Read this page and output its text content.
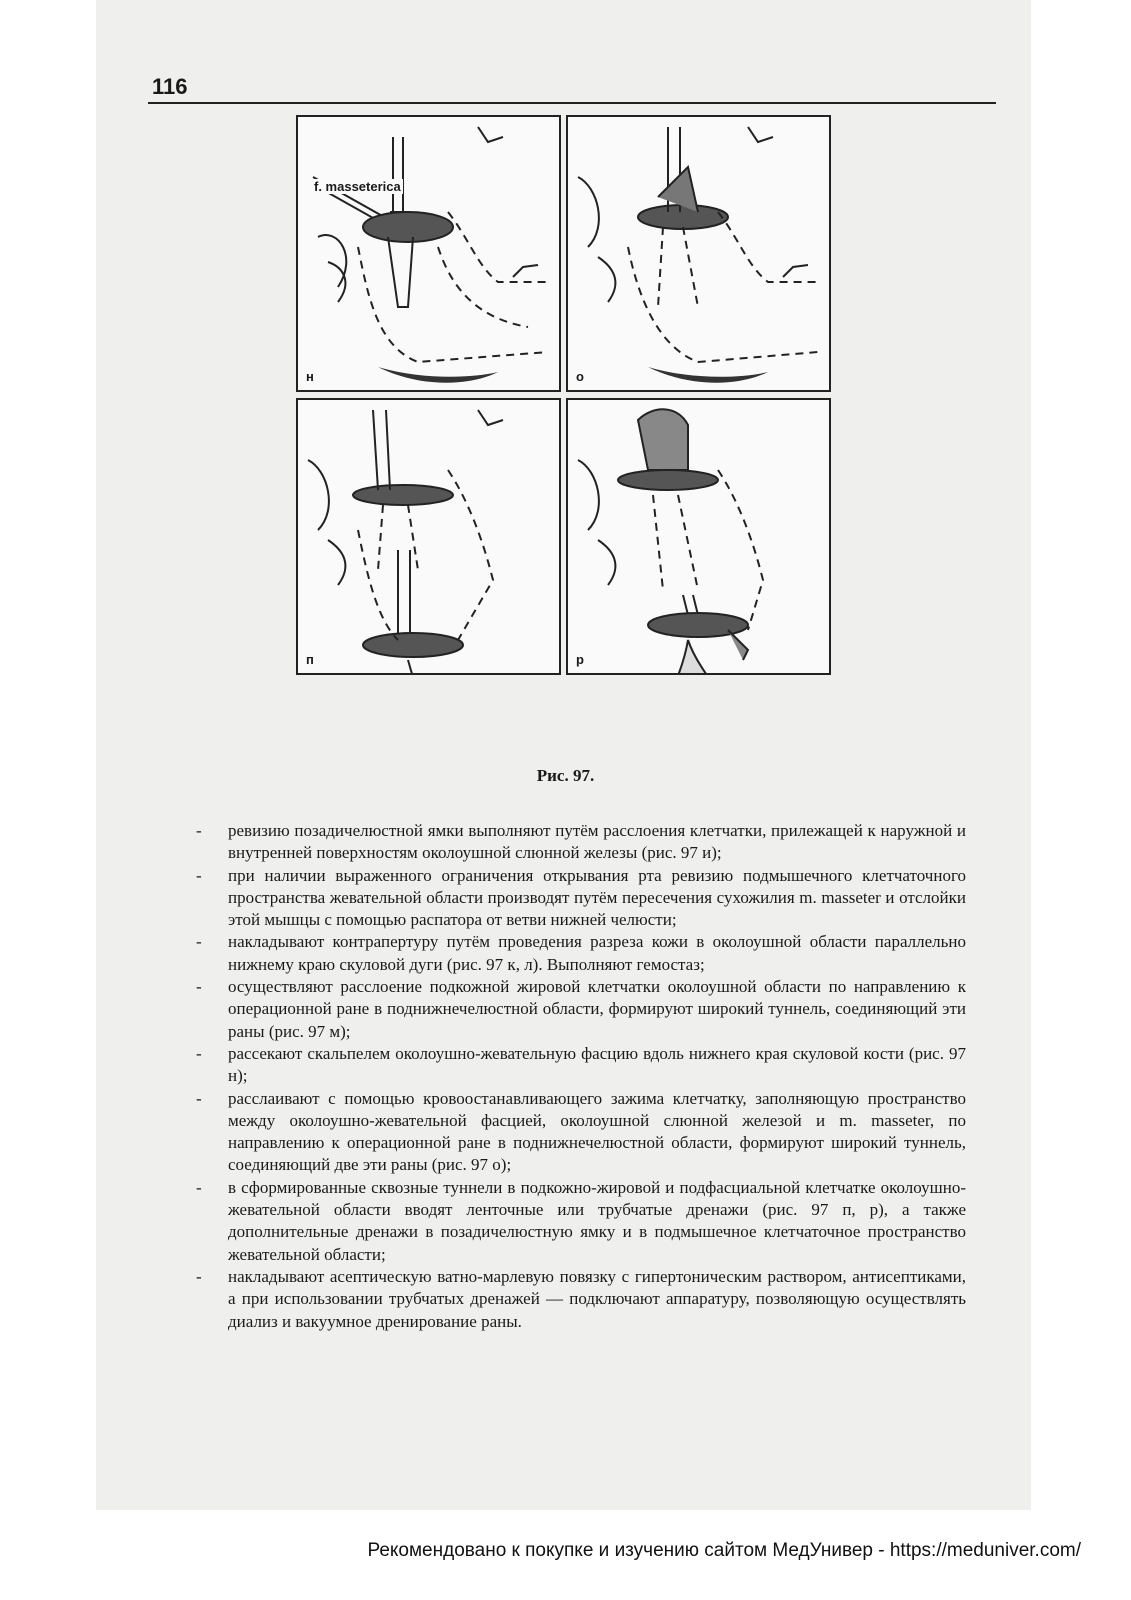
116
f. masseterica
н	о
п	р
Рис. 97.
- ревизию позадичелюстной ямки выполняют путём расслоения клетчатки, прилежащей к наружной и внутренней поверхностям околоушной слюнной железы (рис. 97 и);
- при наличии выраженного ограничения открывания рта ревизию подмышечного клетчаточного пространства жевательной области производят путём пересечения сухожилия m. masseter и отслойки этой мышцы с помощью распатора от ветви нижней челюсти;
- накладывают контрапертуру путём проведения разреза кожи в околоушной области параллельно нижнему краю скуловой дуги (рис. 97 к, л). Выполняют гемостаз;
- осуществляют расслоение подкожной жировой клетчатки околоушной области по направлению к операционной ране в поднижнечелюстной области, формируют широкий туннель, соединяющий эти раны (рис. 97 м);
- рассекают скальпелем околоушно-жевательную фасцию вдоль нижнего края скуловой кости (рис. 97 н);
- расслаивают с помощью кровоостанавливающего зажима клетчатку, заполняющую пространство между околоушно-жевательной фасцией, околоушной слюнной железой и m. masseter, по направлению к операционной ране в поднижнечелюстной области, формируют широкий туннель, соединяющий две эти раны (рис. 97 о);
- в сформированные сквозные туннели в подкожно-жировой и подфасциальной клетчатке околоушно-жевательной области вводят ленточные или трубчатые дренажи (рис. 97 п, р), а также дополнительные дренажи в позадичелюстную ямку и в подмышечное клетчаточное пространство жевательной области;
- накладывают асептическую ватно-марлевую повязку с гипертоническим раствором, антисептиками, а при использовании трубчатых дренажей — подключают аппаратуру, позволяющую осуществлять диализ и вакуумное дренирование раны.
Рекомендовано к покупке и изучению сайтом МедУнивер - https://meduniver.com/
